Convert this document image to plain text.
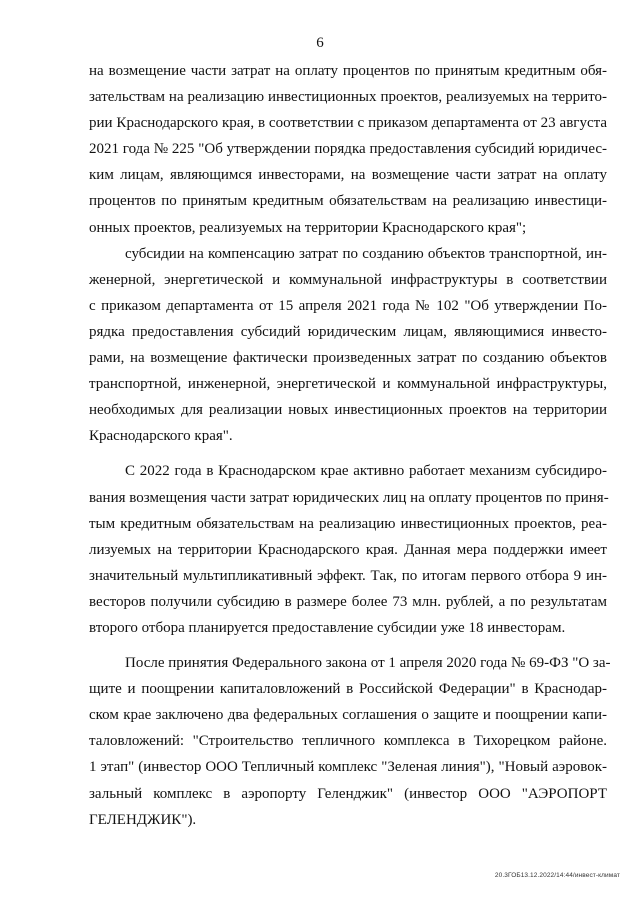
6
на возмещение части затрат на оплату процентов по принятым кредитным обя-
зательствам на реализацию инвестиционных проектов, реализуемых на террито-
рии Краснодарского края, в соответствии с приказом департамента от 23 августа
2021 года № 225 "Об утверждении порядка предоставления субсидий юридичес-
ким лицам, являющимся инвесторами, на возмещение части затрат на оплату
процентов по принятым кредитным обязательствам на реализацию инвестици-
онных проектов, реализуемых на территории Краснодарского края";
субсидии на компенсацию затрат по созданию объектов транспортной, ин-
женерной, энергетической и коммунальной инфраструктуры в соответствии
с приказом департамента от 15 апреля 2021 года № 102 "Об утверждении По-
рядка предоставления субсидий юридическим лицам, являющимися инвесто-
рами, на возмещение фактически произведенных затрат по созданию объектов
транспортной, инженерной, энергетической и коммунальной инфраструктуры,
необходимых для реализации новых инвестиционных проектов на территории
Краснодарского края".
С 2022 года в Краснодарском крае активно работает механизм субсидиро-
вания возмещения части затрат юридических лиц на оплату процентов по приня-
тым кредитным обязательствам на реализацию инвестиционных проектов, реа-
лизуемых на территории Краснодарского края. Данная мера поддержки имеет
значительный мультипликативный эффект. Так, по итогам первого отбора 9 ин-
весторов получили субсидию в размере более 73 млн. рублей, а по результатам
второго отбора планируется предоставление субсидии уже 18 инвесторам.
После принятия Федерального закона от 1 апреля 2020 года № 69-ФЗ "О за-
щите и поощрении капиталовложений в Российской Федерации" в Краснодар-
ском крае заключено два федеральных соглашения о защите и поощрении капи-
таловложений: "Строительство тепличного комплекса в Тихорецком районе.
1 этап" (инвестор ООО Тепличный комплекс "Зеленая линия"), "Новый аэровок-
зальный комплекс в аэропорту Геленджик" (инвестор ООО "АЭРОПОРТ
ГЕЛЕНДЖИК").
20.3ГОБ13.12.2022/14:44/инвест-климат
